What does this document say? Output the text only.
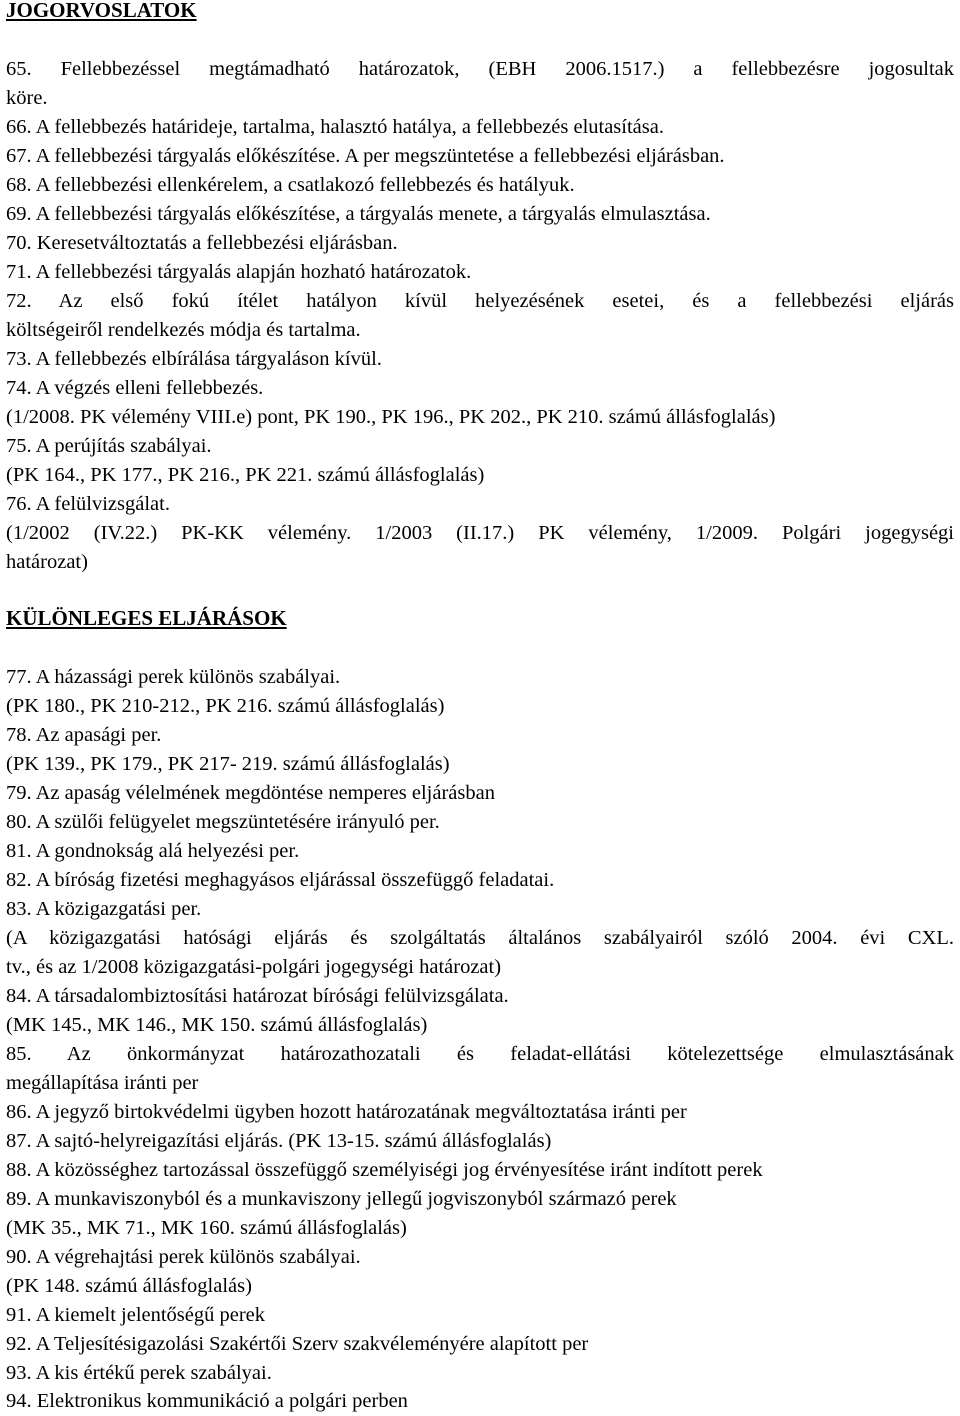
JOGORVOSLATOK
65. Fellebbezéssel megtámadható határozatok, (EBH 2006.1517.) a fellebbezésre jogosultak
köre.
66. A fellebbezés határideje, tartalma, halasztó hatálya, a fellebbezés elutasítása.
67. A fellebbezési tárgyalás előkészítése. A per megszüntetése a fellebbezési eljárásban.
68. A fellebbezési ellenkérelem, a csatlakozó fellebbezés és hatályuk.
69. A fellebbezési tárgyalás előkészítése, a tárgyalás menete, a tárgyalás elmulasztása.
70. Keresetváltoztatás a fellebbezési eljárásban.
71. A fellebbezési tárgyalás alapján hozható határozatok.
72. Az első fokú ítélet hatályon kívül helyezésének esetei, és a fellebbezési eljárás
költségeiről rendelkezés módja és tartalma.
73. A fellebbezés elbírálása tárgyaláson kívül.
74. A végzés elleni fellebbezés.
(1/2008. PK vélemény VIII.e) pont, PK 190., PK 196., PK 202., PK 210. számú állásfoglalás)
75. A perújítás szabályai.
(PK 164., PK 177., PK 216., PK 221. számú állásfoglalás)
76. A felülvizsgálat.
(1/2002 (IV.22.) PK-KK vélemény. 1/2003 (II.17.) PK vélemény, 1/2009. Polgári jogegységi
határozat)
KÜLÖNLEGES ELJÁRÁSOK
77. A házassági perek különös szabályai.
(PK 180., PK 210-212., PK 216. számú állásfoglalás)
78. Az apasági per.
(PK 139., PK 179., PK 217- 219. számú állásfoglalás)
79. Az apaság vélelmének megdöntése nemperes eljárásban
80. A szülői felügyelet megszüntetésére irányuló per.
81. A gondnokság alá helyezési per.
82. A bíróság fizetési meghagyásos eljárással összefüggő feladatai.
83. A közigazgatási per.
(A közigazgatási hatósági eljárás és szolgáltatás általános szabályairól szóló 2004. évi CXL.
tv., és az 1/2008 közigazgatási-polgári jogegységi határozat)
84. A társadalombiztosítási határozat bírósági felülvizsgálata.
(MK 145., MK 146., MK 150. számú állásfoglalás)
85. Az önkormányzat határozathozatali és feladat-ellátási kötelezettsége elmulasztásának
megállapítása iránti per
86. A jegyző birtokvédelmi ügyben hozott határozatának megváltoztatása iránti per
87. A sajtó-helyreigazítási eljárás. (PK 13-15. számú állásfoglalás)
88. A közösséghez tartozással összefüggő személyiségi jog érvényesítése iránt indított perek
89. A munkaviszonyból és a munkaviszony jellegű jogviszonyból származó perek
(MK 35., MK 71., MK 160. számú állásfoglalás)
90. A végrehajtási perek különös szabályai.
(PK 148. számú állásfoglalás)
91. A kiemelt jelentőségű perek
92. A Teljesítésigazolási Szakértői Szerv szakvéleményére alapított per
93. A kis értékű perek szabályai.
94. Elektronikus kommunikáció a polgári perben
